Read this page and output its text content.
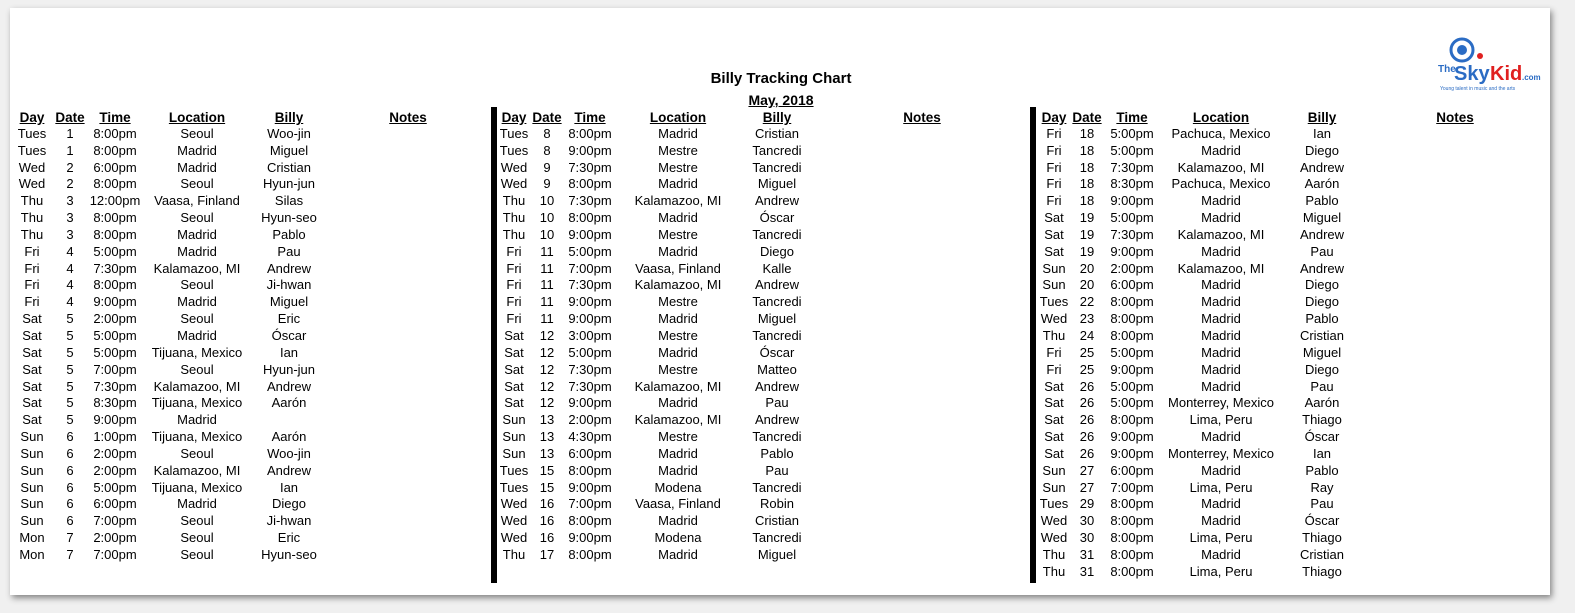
Billy Tracking Chart
May, 2018
The
Sky Kid .com
Young talent in music and the arts
Day Date	Time	Location	Billy	Notes
Tues	1	8:00pm	Seoul	Woo-jin
Tues	1	8:00pm	Madrid	Miguel
Wed	2	6:00pm	Madrid	Cristian
Wed	2	8:00pm	Seoul	Hyun-jun
Thu	3	12:00pm	Vaasa, Finland	Silas
Thu	3	8:00pm	Seoul	Hyun-seo
Thu	3	8:00pm	Madrid	Pablo
Fri	4	5:00pm	Madrid	Pau
Fri	4	7:30pm	Kalamazoo, MI	Andrew
Fri	4	8:00pm	Seoul	Ji-hwan
Fri	4	9:00pm	Madrid	Miguel
Sat	5	2:00pm	Seoul	Eric
Sat	5	5:00pm	Madrid	Óscar
Sat	5	5:00pm	Tijuana, Mexico	Ian
Sat	5	7:00pm	Seoul	Hyun-jun
Sat	5	7:30pm	Kalamazoo, MI	Andrew
Sat	5	8:30pm	Tijuana, Mexico	Aarón
Sat	5	9:00pm	Madrid
Sun	6	1:00pm	Tijuana, Mexico	Aarón
Sun	6	2:00pm	Seoul	Woo-jin
Sun	6	2:00pm	Kalamazoo, MI	Andrew
Sun	6	5:00pm	Tijuana, Mexico	Ian
Sun	6	6:00pm	Madrid	Diego
Sun	6	7:00pm	Seoul	Ji-hwan
Mon	7	2:00pm	Seoul	Eric
Mon	7	7:00pm	Seoul	Hyun-seo
Day Date Time	Location	Billy	Notes
Tues	8	8:00pm	Madrid	Cristian
Tues	8	9:00pm	Mestre	Tancredi
Wed	9	7:30pm	Mestre	Tancredi
Wed	9	8:00pm	Madrid	Miguel
Thu	10	7:30pm	Kalamazoo, MI	Andrew
Thu	10	8:00pm	Madrid	Óscar
Thu	10	9:00pm	Mestre	Tancredi
Fri	11	5:00pm	Madrid	Diego
Fri	11	7:00pm	Vaasa, Finland	Kalle
Fri	11	7:30pm	Kalamazoo, MI	Andrew
Fri	11	9:00pm	Mestre	Tancredi
Fri	11	9:00pm	Madrid	Miguel
Sat	12	3:00pm	Mestre	Tancredi
Sat	12	5:00pm	Madrid	Óscar
Sat	12	7:30pm	Mestre	Matteo
Sat	12	7:30pm	Kalamazoo, MI	Andrew
Sat	12	9:00pm	Madrid	Pau
Sun	13	2:00pm	Kalamazoo, MI	Andrew
Sun	13	4:30pm	Mestre	Tancredi
Sun	13	6:00pm	Madrid	Pablo
Tues 15	8:00pm	Madrid	Pau
Tues 15	9:00pm	Modena	Tancredi
Wed 16	7:00pm	Vaasa, Finland	Robin
Wed 16	8:00pm	Madrid	Cristian
Wed 16	9:00pm	Modena	Tancredi
Thu	17	8:00pm	Madrid	Miguel
Day Date	Time	Location	Billy	Notes
Fri	18	5:00pm	Pachuca, Mexico	Ian
Fri	18	5:00pm	Madrid	Diego
Fri	18	7:30pm	Kalamazoo, MI	Andrew
Fri	18	8:30pm	Pachuca, Mexico	Aarón
Fri	18	9:00pm	Madrid	Pablo
Sat	19	5:00pm	Madrid	Miguel
Sat	19	7:30pm	Kalamazoo, MI	Andrew
Sat	19	9:00pm	Madrid	Pau
Sun	20	2:00pm	Kalamazoo, MI	Andrew
Sun	20	6:00pm	Madrid	Diego
Tues 22	8:00pm	Madrid	Diego
Wed 23	8:00pm	Madrid	Pablo
Thu	24	8:00pm	Madrid	Cristian
Fri	25	5:00pm	Madrid	Miguel
Fri	25	9:00pm	Madrid	Diego
Sat	26	5:00pm	Madrid	Pau
Sat	26	5:00pm	Monterrey, Mexico	Aarón
Sat	26	8:00pm	Lima, Peru	Thiago
Sat	26	9:00pm	Madrid	Óscar
Sat	26	9:00pm	Monterrey, Mexico	Ian
Sun	27	6:00pm	Madrid	Pablo
Sun	27	7:00pm	Lima, Peru	Ray
Tues 29	8:00pm	Madrid	Pau
Wed 30	8:00pm	Madrid	Óscar
Wed 30	8:00pm	Lima, Peru	Thiago
Thu	31	8:00pm	Madrid	Cristian
Thu	31	8:00pm	Lima, Peru	Thiago
